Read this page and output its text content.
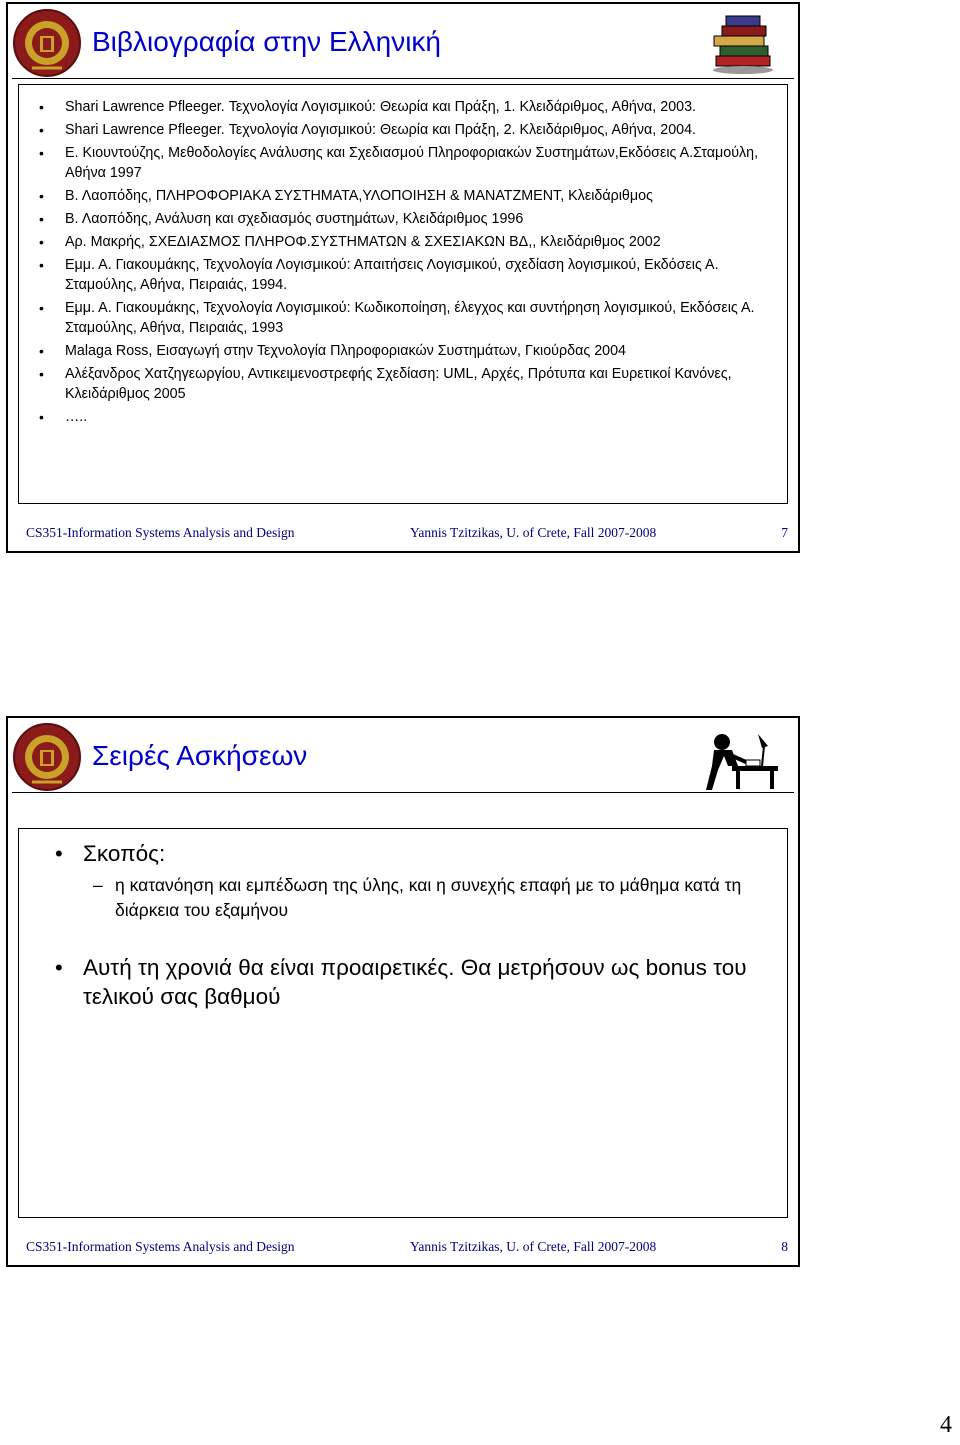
Βιβλιογραφία στην Ελληνική
• Shari Lawrence Pfleeger. Τεχνολογία Λογισμικού: Θεωρία και Πράξη, 1. Κλειδάριθμος, Αθήνα, 2003.
• Shari Lawrence Pfleeger. Τεχνολογία Λογισμικού: Θεωρία και Πράξη, 2. Κλειδάριθμος, Αθήνα, 2004.
• Ε. Κιουντούζης, Μεθοδολογίες Ανάλυσης και Σχεδιασμού Πληροφοριακών Συστημάτων,Εκδόσεις Α.Σταμούλη, Αθήνα 1997
• Β. Λαοπόδης, ΠΛΗΡΟΦΟΡΙΑΚΑ ΣΥΣΤΗΜΑΤΑ,ΥΛΟΠΟΙΗΣΗ & ΜΑΝΑΤΖΜΕΝΤ, Κλειδάριθμος
• Β. Λαοπόδης, Ανάλυση και σχεδιασμός συστημάτων, Κλειδάριθμος 1996
• Αρ. Μακρής, ΣΧΕΔΙΑΣΜΟΣ ΠΛΗΡΟΦ.ΣΥΣΤΗΜΑΤΩΝ & ΣΧΕΣΙΑΚΩΝ ΒΔ,, Κλειδάριθμος 2002
• Εμμ. Α. Γιακουμάκης, Τεχνολογία Λογισμικού: Απαιτήσεις Λογισμικού, σχεδίαση λογισμικού, Εκδόσεις Α. Σταμούλης, Αθήνα, Πειραιάς, 1994.
• Εμμ. Α. Γιακουμάκης, Τεχνολογία Λογισμικού: Κωδικοποίηση, έλεγχος και συντήρηση λογισμικού, Εκδόσεις Α. Σταμούλης, Αθήνα, Πειραιάς, 1993
• Malaga Ross, Εισαγωγή στην Τεχνολογία Πληροφοριακών Συστημάτων, Γκιούρδας 2004
• Αλέξανδρος Χατζηγεωργίου, Αντικειμενοστρεφής Σχεδίαση: UML, Αρχές, Πρότυπα και Ευρετικοί Κανόνες, Κλειδάριθμος 2005
• …..
CS351-Information Systems Analysis and Design	Yannis Tzitzikas, U. of Crete, Fall 2007-2008	7
Σειρές Ασκήσεων
• Σκοπός:
– η κατανόηση και εμπέδωση της ύλης, και η συνεχής επαφή με το μάθημα κατά τη διάρκεια του εξαμήνου
• Αυτή τη χρονιά θα είναι προαιρετικές. Θα μετρήσουν ως bonus του τελικού σας βαθμού
CS351-Information Systems Analysis and Design	Yannis Tzitzikas, U. of Crete, Fall 2007-2008	8
4
